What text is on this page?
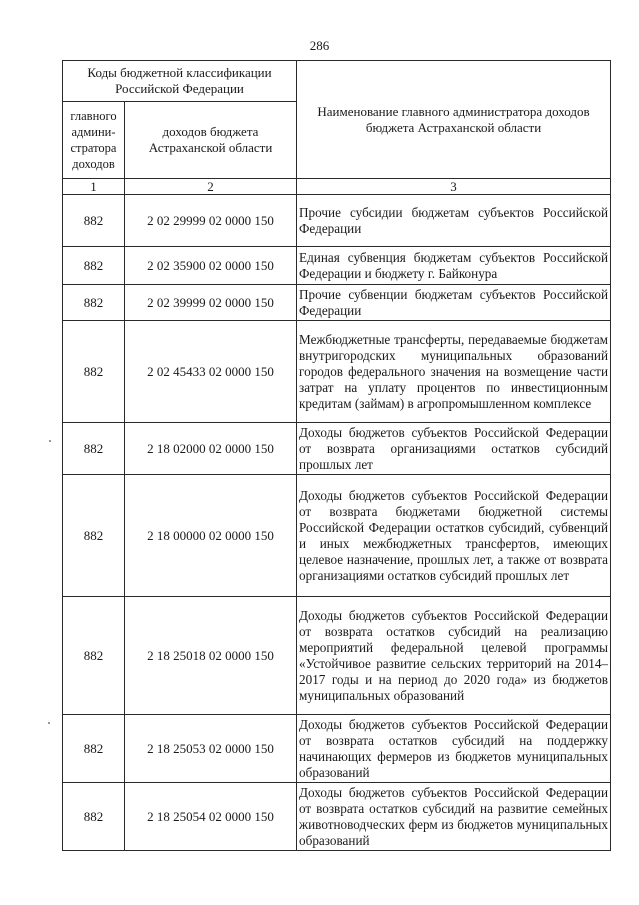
286
Коды бюджетной классификации Российской Федерации		Наименование главного администратора доходов бюджета Астраханской области
главного админи-стратора доходов	доходов бюджета Астраханской области	
1	2	3
882	2 02 29999 02 0000 150	Прочие субсидии бюджетам субъектов Российской Федерации
882	2 02 35900 02 0000 150	Единая субвенция бюджетам субъектов Российской Федерации и бюджету г. Байконура
882	2 02 39999 02 0000 150	Прочие субвенции бюджетам субъектов Российской Федерации
882	2 02 45433 02 0000 150	Межбюджетные трансферты, передаваемые бюджетам внутригородских муниципальных образований городов федерального значения на возмещение части затрат на уплату процентов по инвестиционным кредитам (займам) в агропромышленном комплексе
882	2 18 02000 02 0000 150	Доходы бюджетов субъектов Российской Федерации от возврата организациями остатков субсидий прошлых лет
882	2 18 00000 02 0000 150	Доходы бюджетов субъектов Российской Федерации от возврата бюджетами бюджетной системы Российской Федерации остатков субсидий, субвенций и иных межбюджетных трансфертов, имеющих целевое назначение, прошлых лет, а также от возврата организациями остатков субсидий прошлых лет
882	2 18 25018 02 0000 150	Доходы бюджетов субъектов Российской Федерации от возврата остатков субсидий на реализацию мероприятий федеральной целевой программы «Устойчивое развитие сельских территорий на 2014–2017 годы и на период до 2020 года» из бюджетов муниципальных образований
882	2 18 25053 02 0000 150	Доходы бюджетов субъектов Российской Федерации от возврата остатков субсидий на поддержку начинающих фермеров из бюджетов муниципальных образований
882	2 18 25054 02 0000 150	Доходы бюджетов субъектов Российской Федерации от возврата остатков субсидий на развитие семейных животноводческих ферм из бюджетов муниципальных образований
